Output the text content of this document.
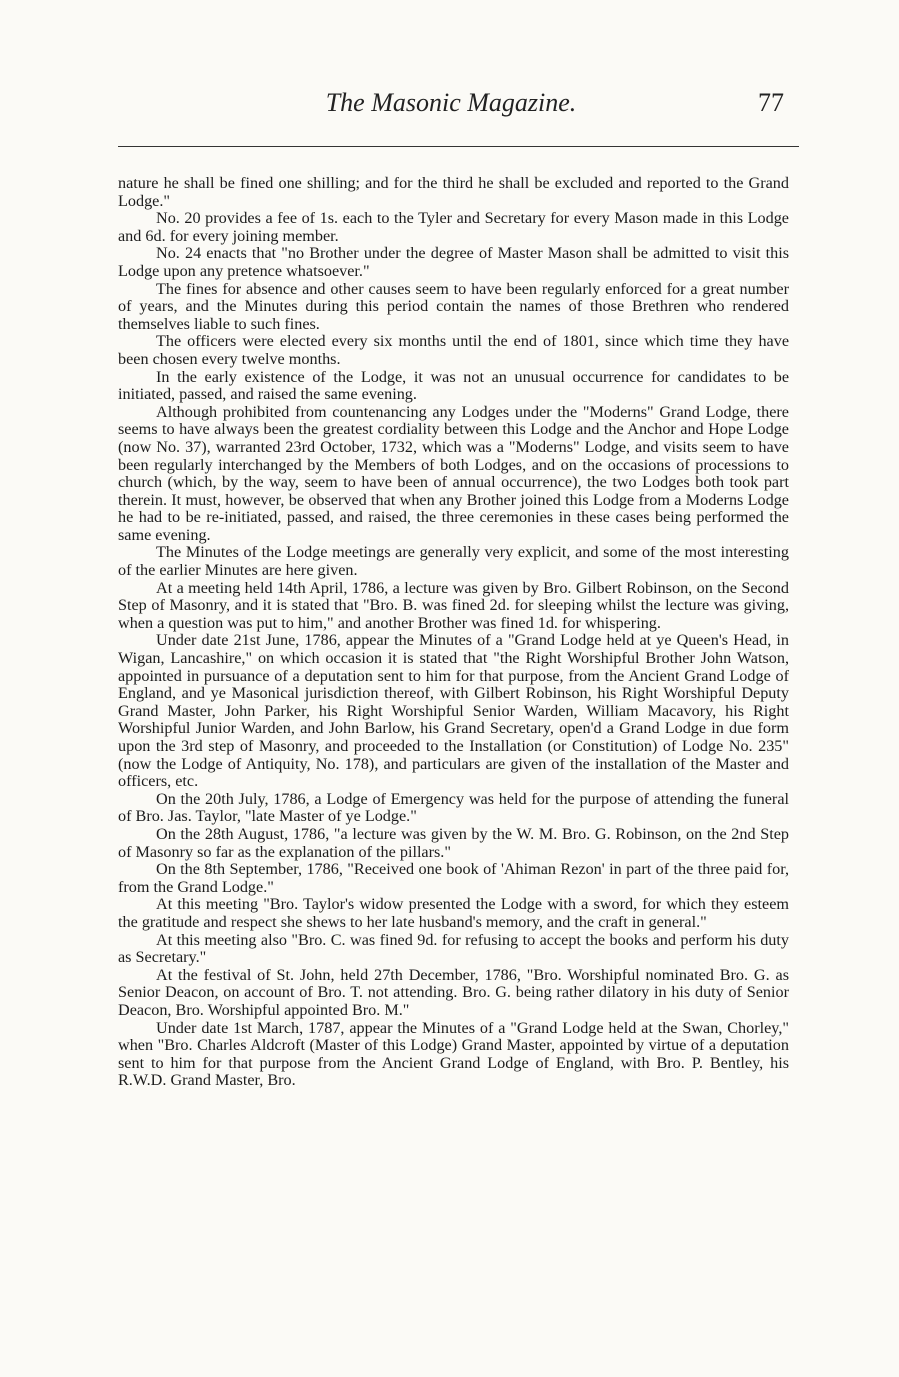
The Masonic Magazine.	77

nature he shall be fined one shilling; and for the third he shall be excluded and reported to the Grand Lodge."

No. 20 provides a fee of 1s. each to the Tyler and Secretary for every Mason made in this Lodge and 6d. for every joining member.

No. 24 enacts that "no Brother under the degree of Master Mason shall be admitted to visit this Lodge upon any pretence whatsoever."

The fines for absence and other causes seem to have been regularly enforced for a great number of years, and the Minutes during this period contain the names of those Brethren who rendered themselves liable to such fines.

The officers were elected every six months until the end of 1801, since which time they have been chosen every twelve months.

In the early existence of the Lodge, it was not an unusual occurrence for candidates to be initiated, passed, and raised the same evening.

Although prohibited from countenancing any Lodges under the "Moderns" Grand Lodge, there seems to have always been the greatest cordiality between this Lodge and the Anchor and Hope Lodge (now No. 37), warranted 23rd October, 1732, which was a "Moderns" Lodge, and visits seem to have been regularly interchanged by the Members of both Lodges, and on the occasions of processions to church (which, by the way, seem to have been of annual occurrence), the two Lodges both took part therein. It must, however, be observed that when any Brother joined this Lodge from a Moderns Lodge he had to be re-initiated, passed, and raised, the three ceremonies in these cases being performed the same evening.

The Minutes of the Lodge meetings are generally very explicit, and some of the most interesting of the earlier Minutes are here given.

At a meeting held 14th April, 1786, a lecture was given by Bro. Gilbert Robinson, on the Second Step of Masonry, and it is stated that "Bro. B. was fined 2d. for sleeping whilst the lecture was giving, when a question was put to him," and another Brother was fined 1d. for whispering.

Under date 21st June, 1786, appear the Minutes of a "Grand Lodge held at ye Queen's Head, in Wigan, Lancashire," on which occasion it is stated that "the Right Worshipful Brother John Watson, appointed in pursuance of a deputation sent to him for that purpose, from the Ancient Grand Lodge of England, and ye Masonical jurisdiction thereof, with Gilbert Robinson, his Right Worshipful Deputy Grand Master, John Parker, his Right Worshipful Senior Warden, William Macavory, his Right Worshipful Junior Warden, and John Barlow, his Grand Secretary, open'd a Grand Lodge in due form upon the 3rd step of Masonry, and proceeded to the Installation (or Constitution) of Lodge No. 235" (now the Lodge of Antiquity, No. 178), and particulars are given of the installation of the Master and officers, etc.

On the 20th July, 1786, a Lodge of Emergency was held for the purpose of attending the funeral of Bro. Jas. Taylor, "late Master of ye Lodge."

On the 28th August, 1786, "a lecture was given by the W. M. Bro. G. Robinson, on the 2nd Step of Masonry so far as the explanation of the pillars."

On the 8th September, 1786, "Received one book of 'Ahiman Rezon' in part of the three paid for, from the Grand Lodge."

At this meeting "Bro. Taylor's widow presented the Lodge with a sword, for which they esteem the gratitude and respect she shews to her late husband's memory, and the craft in general."

At this meeting also "Bro. C. was fined 9d. for refusing to accept the books and perform his duty as Secretary."

At the festival of St. John, held 27th December, 1786, "Bro. Worshipful nominated Bro. G. as Senior Deacon, on account of Bro. T. not attending. Bro. G. being rather dilatory in his duty of Senior Deacon, Bro. Worshipful appointed Bro. M."

Under date 1st March, 1787, appear the Minutes of a "Grand Lodge held at the Swan, Chorley," when "Bro. Charles Aldcroft (Master of this Lodge) Grand Master, appointed by virtue of a deputation sent to him for that purpose from the Ancient Grand Lodge of England, with Bro. P. Bentley, his R.W.D. Grand Master, Bro.
